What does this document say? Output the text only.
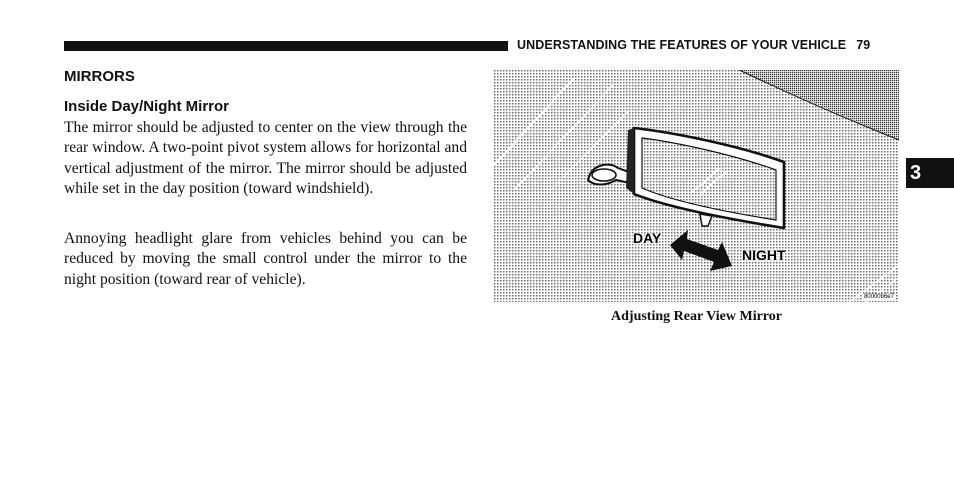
UNDERSTANDING THE FEATURES OF YOUR VEHICLE 79
MIRRORS
Inside Day/Night Mirror

The mirror should be adjusted to center on the view through the rear window. A two-point pivot system allows for horizontal and vertical adjustment of the mirror. The mirror should be adjusted while set in the day position (toward windshield).

Annoying headlight glare from vehicles behind you can be reduced by moving the small control under the mirror to the night position (toward rear of vehicle).

DAY
NIGHT
80000b6e7
Adjusting Rear View Mirror
3
